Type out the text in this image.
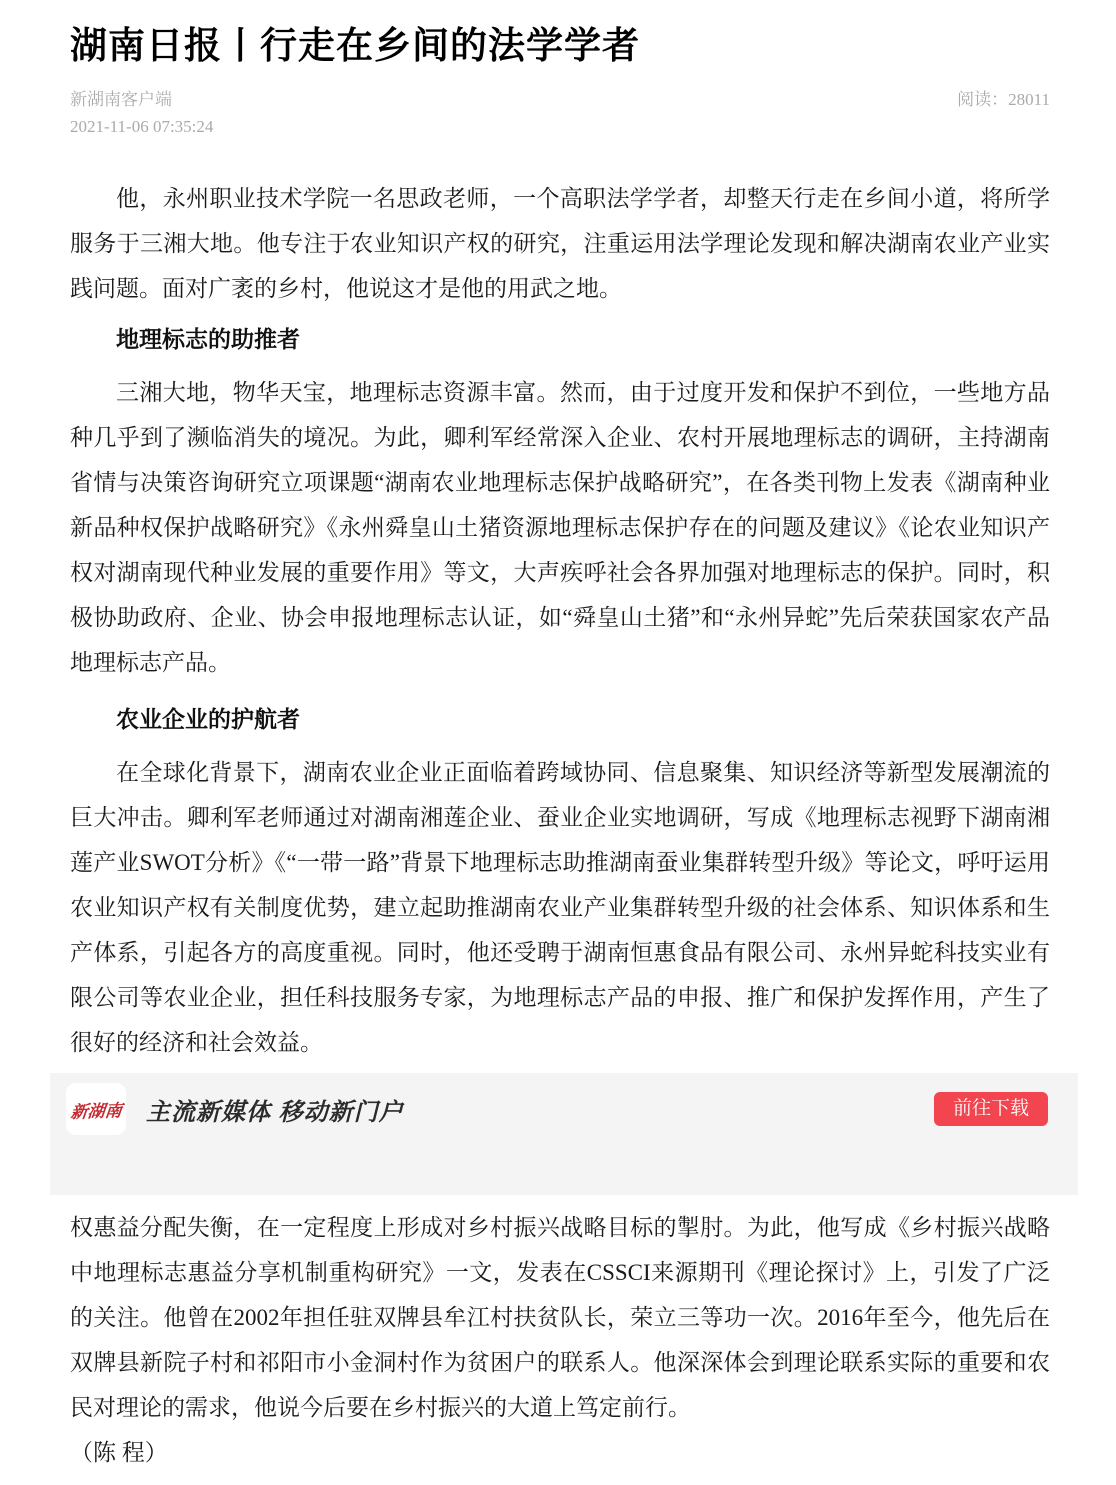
湖南日报丨行走在乡间的法学学者
新湖南客户端
2021-11-06 07:35:24
阅读：28011

他，永州职业技术学院一名思政老师，一个高职法学学者，却整天行走在乡间小道，将所学服务于三湘大地。他专注于农业知识产权的研究，注重运用法学理论发现和解决湖南农业产业实践问题。面对广袤的乡村，他说这才是他的用武之地。

地理标志的助推者

三湘大地，物华天宝，地理标志资源丰富。然而，由于过度开发和保护不到位，一些地方品种几乎到了濒临消失的境况。为此，卿利军经常深入企业、农村开展地理标志的调研，主持湖南省情与决策咨询研究立项课题“湖南农业地理标志保护战略研究”，在各类刊物上发表《湖南种业新品种权保护战略研究》《永州舜皇山土猪资源地理标志保护存在的问题及建议》《论农业知识产权对湖南现代种业发展的重要作用》等文，大声疾呼社会各界加强对地理标志的保护。同时，积极协助政府、企业、协会申报地理标志认证，如“舜皇山土猪”和“永州异蛇”先后荣获国家农产品地理标志产品。

农业企业的护航者

在全球化背景下，湖南农业企业正面临着跨域协同、信息聚集、知识经济等新型发展潮流的巨大冲击。卿利军老师通过对湖南湘莲企业、蚕业企业实地调研，写成《地理标志视野下湖南湘莲产业SWOT分析》《“一带一路”背景下地理标志助推湖南蚕业集群转型升级》等论文，呼吁运用农业知识产权有关制度优势，建立起助推湖南农业产业集群转型升级的社会体系、知识体系和生产体系，引起各方的高度重视。同时，他还受聘于湖南恒惠食品有限公司、永州异蛇科技实业有限公司等农业企业，担任科技服务专家，为地理标志产品的申报、推广和保护发挥作用，产生了很好的经济和社会效益。

新湖南 主流新媒体 移动新门户	前往下载

权惠益分配失衡，在一定程度上形成对乡村振兴战略目标的掣肘。为此，他写成《乡村振兴战略中地理标志惠益分享机制重构研究》一文，发表在CSSCI来源期刊《理论探讨》上，引发了广泛的关注。他曾在2002年担任驻双牌县牟江村扶贫队长，荣立三等功一次。2016年至今，他先后在双牌县新院子村和祁阳市小金洞村作为贫困户的联系人。他深深体会到理论联系实际的重要和农民对理论的需求，他说今后要在乡村振兴的大道上笃定前行。

（陈 程）
